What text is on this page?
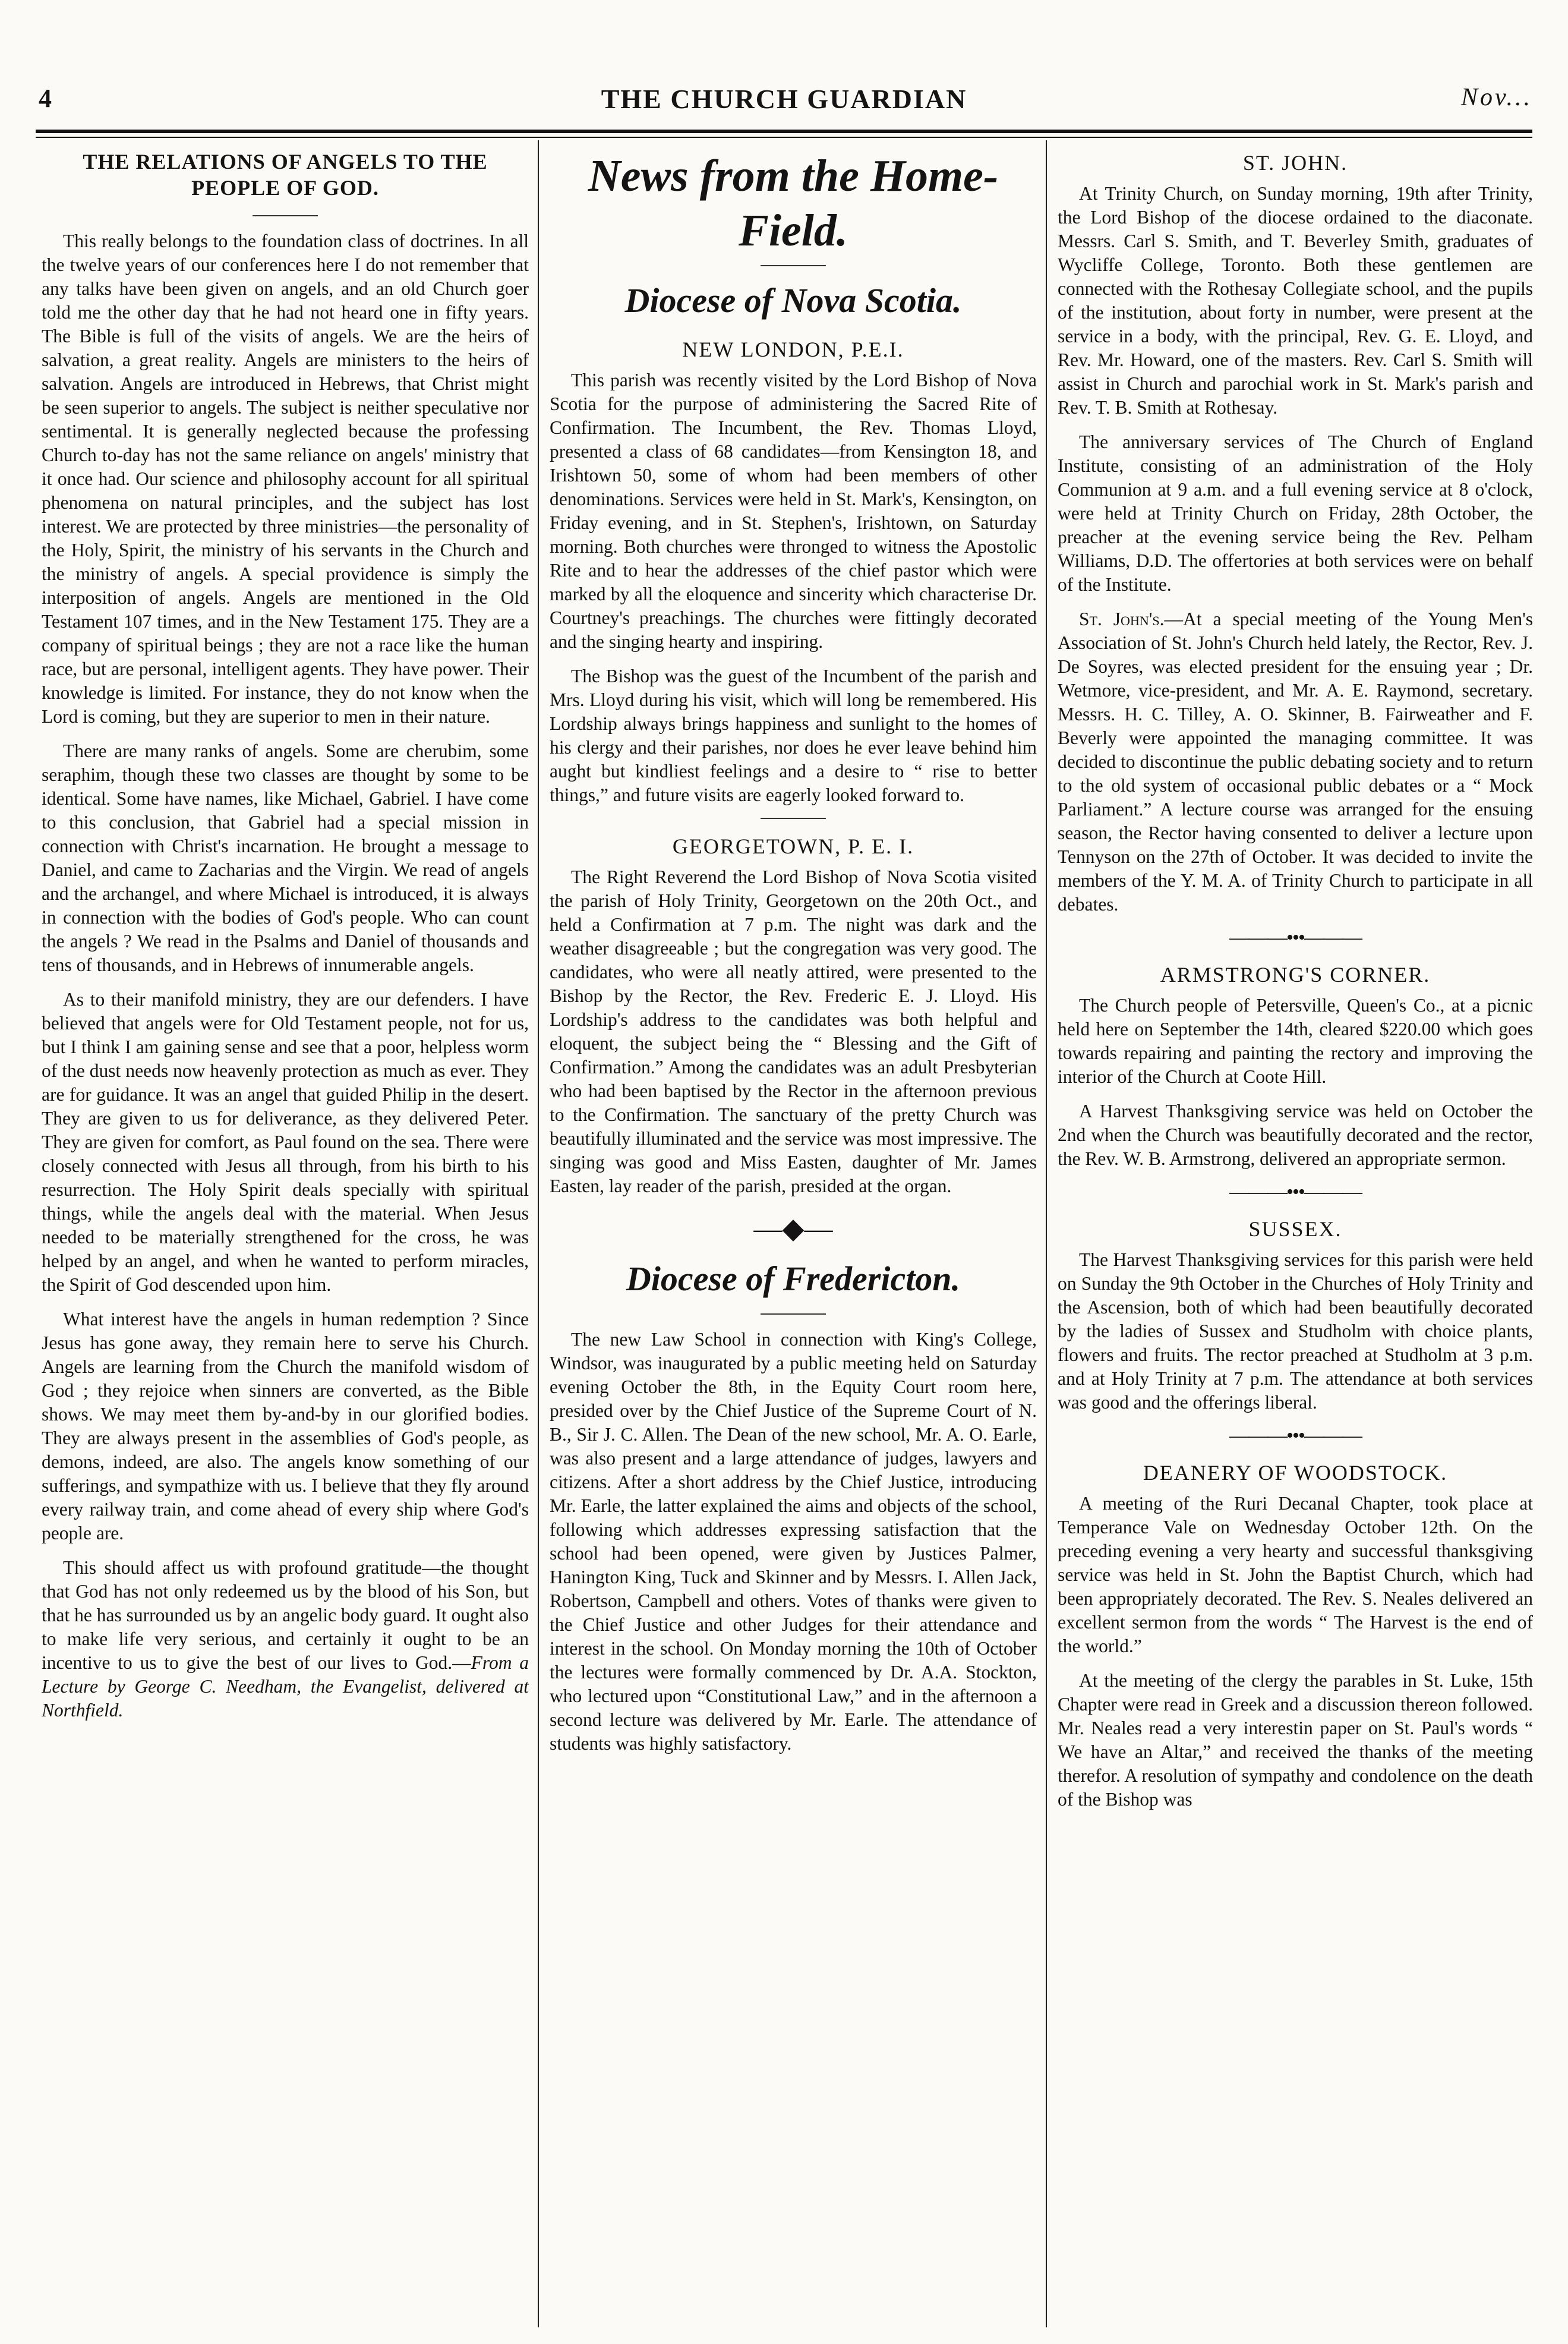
4	THE CHURCH GUARDIAN	Nov...
THE RELATIONS OF ANGELS TO THE PEOPLE OF GOD.

This really belongs to the foundation class of doctrines. In all the twelve years of our conferences here I do not remember that any talks have been given on angels, and an old Church goer told me the other day that he had not heard one in fifty years. The Bible is full of the visits of angels. We are the heirs of salvation, a great reality. Angels are ministers to the heirs of salvation. Angels are introduced in Hebrews, that Christ might be seen superior to angels. The subject is neither speculative nor sentimental. It is generally neglected because the professing Church to-day has not the same reliance on angels' ministry that it once had. Our science and philosophy account for all spiritual phenomena on natural principles, and the subject has lost interest. We are protected by three ministries—the personality of the Holy, Spirit, the ministry of his servants in the Church and the ministry of angels. A special providence is simply the interposition of angels. Angels are mentioned in the Old Testament 107 times, and in the New Testament 175. They are a company of spiritual beings ; they are not a race like the human race, but are personal, intelligent agents. They have power. Their knowledge is limited. For instance, they do not know when the Lord is coming, but they are superior to men in their nature.

There are many ranks of angels. Some are cherubim, some seraphim, though these two classes are thought by some to be identical. Some have names, like Michael, Gabriel. I have come to this conclusion, that Gabriel had a special mission in connection with Christ's incarnation. He brought a message to Daniel, and came to Zacharias and the Virgin. We read of angels and the archangel, and where Michael is introduced, it is always in connection with the bodies of God's people. Who can count the angels ? We read in the Psalms and Daniel of thousands and tens of thousands, and in Hebrews of innumerable angels.

As to their manifold ministry, they are our defenders. I have believed that angels were for Old Testament people, not for us, but I think I am gaining sense and see that a poor, helpless worm of the dust needs now heavenly protection as much as ever. They are for guidance. It was an angel that guided Philip in the desert. They are given to us for deliverance, as they delivered Peter. They are given for comfort, as Paul found on the sea. There were closely connected with Jesus all through, from his birth to his resurrection. The Holy Spirit deals specially with spiritual things, while the angels deal with the material. When Jesus needed to be materially strengthened for the cross, he was helped by an angel, and when he wanted to perform miracles, the Spirit of God descended upon him.

What interest have the angels in human redemption ? Since Jesus has gone away, they remain here to serve his Church. Angels are learning from the Church the manifold wisdom of God ; they rejoice when sinners are converted, as the Bible shows. We may meet them by-and-by in our glorified bodies. They are always present in the assemblies of God's people, as demons, indeed, are also. The angels know something of our sufferings, and sympathize with us. I believe that they fly around every railway train, and come ahead of every ship where God's people are.

This should affect us with profound gratitude—the thought that God has not only redeemed us by the blood of his Son, but that he has surrounded us by an angelic body guard. It ought also to make life very serious, and certainly it ought to be an incentive to us to give the best of our lives to God.—From a Lecture by George C. Needham, the Evangelist, delivered at Northfield.

News from the Home-Field.
Diocese of Nova Scotia.
NEW LONDON, P.E.I.

This parish was recently visited by the Lord Bishop of Nova Scotia for the purpose of administering the Sacred Rite of Confirmation. The Incumbent, the Rev. Thomas Lloyd, presented a class of 68 candidates—from Kensington 18, and Irishtown 50, some of whom had been members of other denominations. Services were held in St. Mark's, Kensington, on Friday evening, and in St. Stephen's, Irishtown, on Saturday morning. Both churches were thronged to witness the Apostolic Rite and to hear the addresses of the chief pastor which were marked by all the eloquence and sincerity which characterise Dr. Courtney's preachings. The churches were fittingly decorated and the singing hearty and inspiring.

The Bishop was the guest of the Incumbent of the parish and Mrs. Lloyd during his visit, which will long be remembered. His Lordship always brings happiness and sunlight to the homes of his clergy and their parishes, nor does he ever leave behind him aught but kindliest feelings and a desire to “ rise to better things,” and future visits are eagerly looked forward to.

GEORGETOWN, P. E. I.

The Right Reverend the Lord Bishop of Nova Scotia visited the parish of Holy Trinity, Georgetown on the 20th Oct., and held a Confirmation at 7 p.m. The night was dark and the weather disagreeable ; but the congregation was very good. The candidates, who were all neatly attired, were presented to the Bishop by the Rector, the Rev. Frederic E. J. Lloyd. His Lordship's address to the candidates was both helpful and eloquent, the subject being the “ Blessing and the Gift of Confirmation.” Among the candidates was an adult Presbyterian who had been baptised by the Rector in the afternoon previous to the Confirmation. The sanctuary of the pretty Church was beautifully illuminated and the service was most impressive. The singing was good and Miss Easten, daughter of Mr. James Easten, lay reader of the parish, presided at the organ.

—◆—
Diocese of Fredericton.

The new Law School in connection with King's College, Windsor, was inaugurated by a public meeting held on Saturday evening October the 8th, in the Equity Court room here, presided over by the Chief Justice of the Supreme Court of N. B., Sir J. C. Allen. The Dean of the new school, Mr. A. O. Earle, was also present and a large attendance of judges, lawyers and citizens. After a short address by the Chief Justice, introducing Mr. Earle, the latter explained the aims and objects of the school, following which addresses expressing satisfaction that the school had been opened, were given by Justices Palmer, Hanington King, Tuck and Skinner and by Messrs. I. Allen Jack, Robertson, Campbell and others. Votes of thanks were given to the Chief Justice and other Judges for their attendance and interest in the school. On Monday morning the 10th of October the lectures were formally commenced by Dr. A.A. Stockton, who lectured upon “Constitutional Law,” and in the afternoon a second lecture was delivered by Mr. Earle. The attendance of students was highly satisfactory.

ST. JOHN.

At Trinity Church, on Sunday morning, 19th after Trinity, the Lord Bishop of the diocese ordained to the diaconate. Messrs. Carl S. Smith, and T. Beverley Smith, graduates of Wycliffe College, Toronto. Both these gentlemen are connected with the Rothesay Collegiate school, and the pupils of the institution, about forty in number, were present at the service in a body, with the principal, Rev. G. E. Lloyd, and Rev. Mr. Howard, one of the masters. Rev. Carl S. Smith will assist in Church and parochial work in St. Mark's parish and Rev. T. B. Smith at Rothesay.

The anniversary services of The Church of England Institute, consisting of an administration of the Holy Communion at 9 a.m. and a full evening service at 8 o'clock, were held at Trinity Church on Friday, 28th October, the preacher at the evening service being the Rev. Pelham Williams, D.D. The offertories at both services were on behalf of the Institute.

St. John's.—At a special meeting of the Young Men's Association of St. John's Church held lately, the Rector, Rev. J. De Soyres, was elected president for the ensuing year ; Dr. Wetmore, vice-president, and Mr. A. E. Raymond, secretary. Messrs. H. C. Tilley, A. O. Skinner, B. Fairweather and F. Beverly were appointed the managing committee. It was decided to discontinue the public debating society and to return to the old system of occasional public debates or a “ Mock Parliament.” A lecture course was arranged for the ensuing season, the Rector having consented to deliver a lecture upon Tennyson on the 27th of October. It was decided to invite the members of the Y. M. A. of Trinity Church to participate in all debates.

———•••———
ARMSTRONG'S CORNER.

The Church people of Petersville, Queen's Co., at a picnic held here on September the 14th, cleared $220.00 which goes towards repairing and painting the rectory and improving the interior of the Church at Coote Hill.

A Harvest Thanksgiving service was held on October the 2nd when the Church was beautifully decorated and the rector, the Rev. W. B. Armstrong, delivered an appropriate sermon.

———•••———
SUSSEX.

The Harvest Thanksgiving services for this parish were held on Sunday the 9th October in the Churches of Holy Trinity and the Ascension, both of which had been beautifully decorated by the ladies of Sussex and Studholm with choice plants, flowers and fruits. The rector preached at Studholm at 3 p.m. and at Holy Trinity at 7 p.m. The attendance at both services was good and the offerings liberal.

———•••———
DEANERY OF WOODSTOCK.

A meeting of the Ruri Decanal Chapter, took place at Temperance Vale on Wednesday October 12th. On the preceding evening a very hearty and successful thanksgiving service was held in St. John the Baptist Church, which had been appropriately decorated. The Rev. S. Neales delivered an excellent sermon from the words “ The Harvest is the end of the world.”

At the meeting of the clergy the parables in St. Luke, 15th Chapter were read in Greek and a discussion thereon followed. Mr. Neales read a very interestin paper on St. Paul's words “ We have an Altar,” and received the thanks of the meeting therefor. A resolution of sympathy and condolence on the death of the Bishop was
